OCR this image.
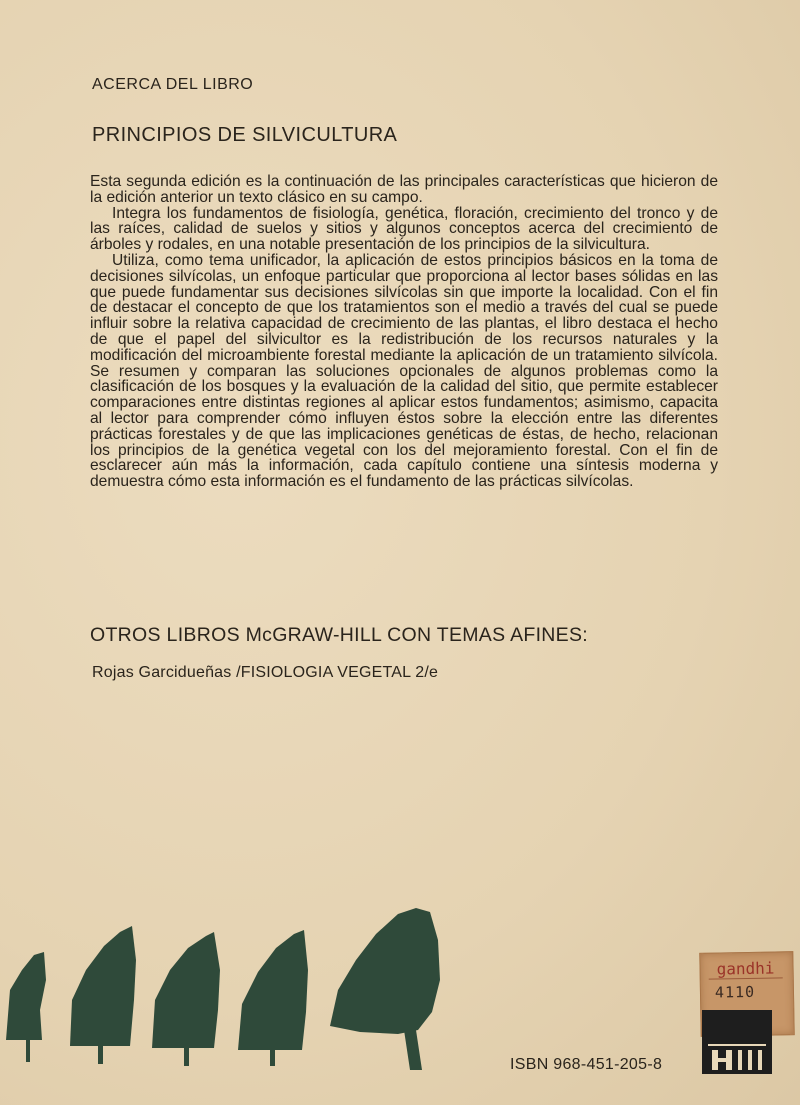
ACERCA DEL LIBRO
PRINCIPIOS DE SILVICULTURA

Esta segunda edición es la continuación de las principales características que hicieron de la edición anterior un texto clásico en su campo.

Integra los fundamentos de fisiología, genética, floración, crecimiento del tronco y de las raíces, calidad de suelos y sitios y algunos conceptos acerca del crecimiento de árboles y rodales, en una notable presentación de los principios de la silvicultura.

Utiliza, como tema unificador, la aplicación de estos principios básicos en la toma de decisiones silvícolas, un enfoque particular que proporciona al lector bases sólidas en las que puede fundamentar sus decisiones silvícolas sin que importe la localidad. Con el fin de destacar el concepto de que los tratamientos son el medio a través del cual se puede influir sobre la relativa capacidad de crecimiento de las plantas, el libro destaca el hecho de que el papel del silvicultor es la redistribución de los recursos naturales y la modificación del microambiente forestal mediante la aplicación de un tratamiento silvícola. Se resumen y comparan las soluciones opcionales de algunos problemas como la clasificación de los bosques y la evaluación de la calidad del sitio, que permite establecer comparaciones entre distintas regiones al aplicar estos fundamentos; asimismo, capacita al lector para comprender cómo influyen éstos sobre la elección entre las diferentes prácticas forestales y de que las implicaciones genéticas de éstas, de hecho, relacionan los principios de la genética vegetal con los del mejoramiento forestal. Con el fin de esclarecer aún más la información, cada capítulo contiene una síntesis moderna y demuestra cómo esta información es el fundamento de las prácticas silvícolas.

OTROS LIBROS McGRAW-HILL CON TEMAS AFINES:
Rojas Garcidueñas /FISIOLOGIA VEGETAL 2/e
ISBN 968-451-205-8
gandhi
4110
